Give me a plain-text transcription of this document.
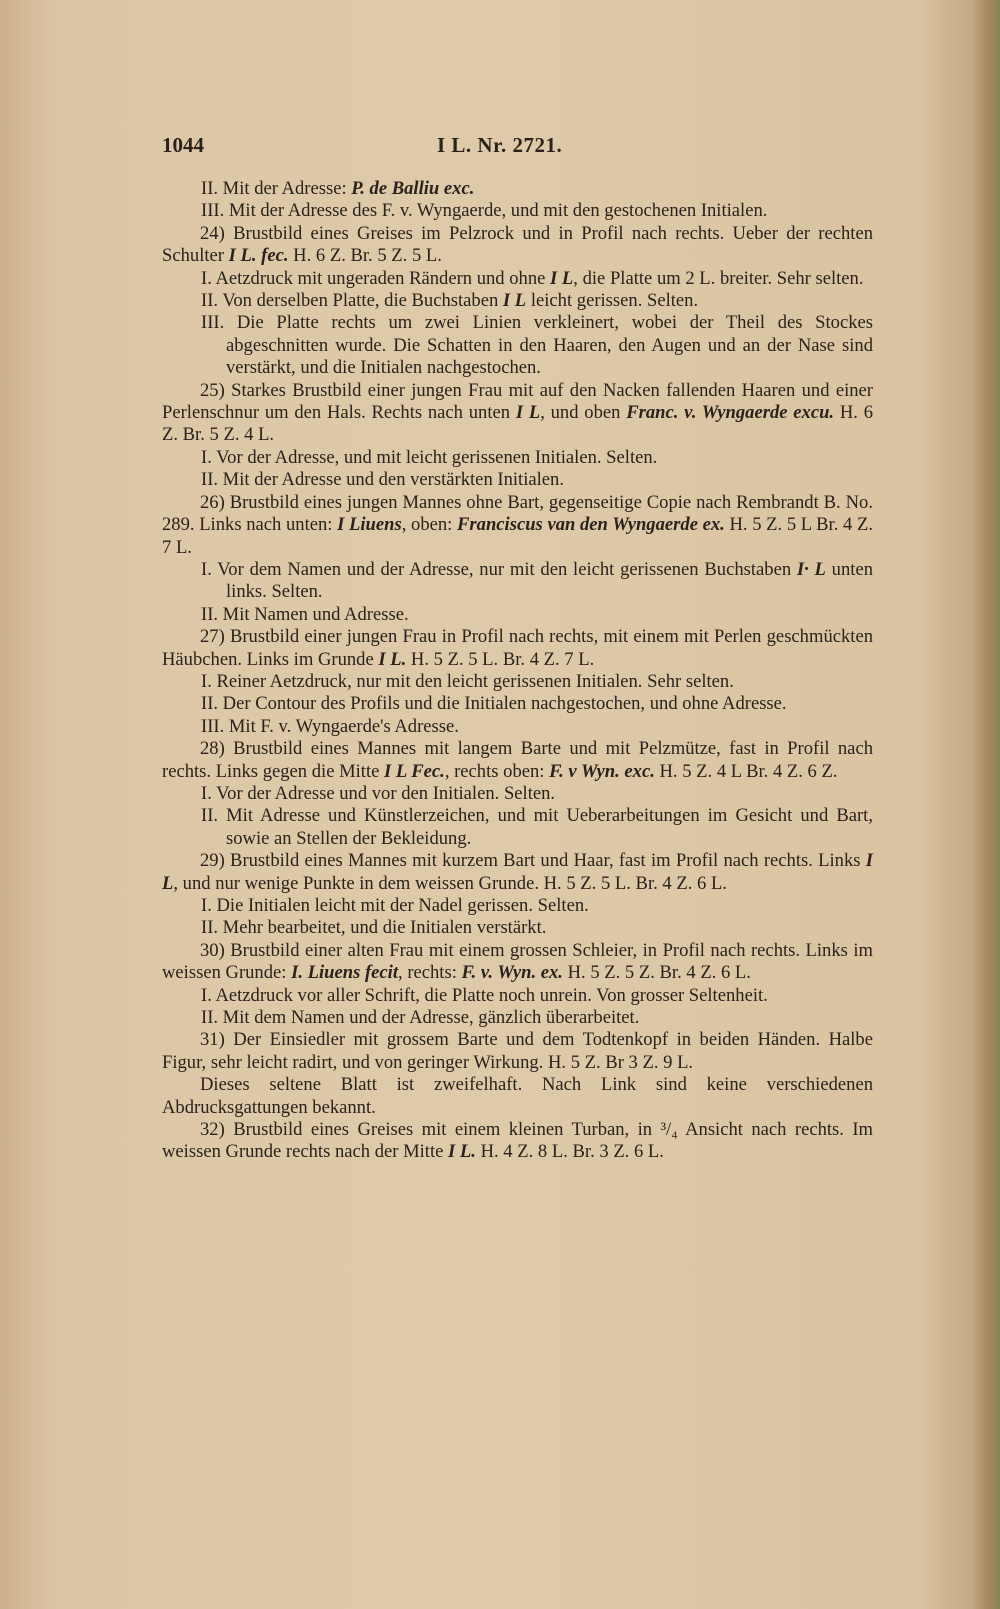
1044	I L. Nr. 2721.

II. Mit der Adresse: P. de Balliu exc.

III. Mit der Adresse des F. v. Wyngaerde, und mit den gestochenen Initialen.

24) Brustbild eines Greises im Pelzrock und in Profil nach rechts. Ueber der rechten Schulter I L. fec. H. 6 Z. Br. 5 Z. 5 L.

I. Aetzdruck mit ungeraden Rändern und ohne I L, die Platte um 2 L. breiter. Sehr selten.

II. Von derselben Platte, die Buchstaben I L leicht gerissen. Selten.

III. Die Platte rechts um zwei Linien verkleinert, wobei der Theil des Stockes abgeschnitten wurde. Die Schatten in den Haaren, den Augen und an der Nase sind verstärkt, und die Initialen nachgestochen.

25) Starkes Brustbild einer jungen Frau mit auf den Nacken fallenden Haaren und einer Perlenschnur um den Hals. Rechts nach unten I L, und oben Franc. v. Wyngaerde excu. H. 6 Z. Br. 5 Z. 4 L.

I. Vor der Adresse, und mit leicht gerissenen Initialen. Selten.

II. Mit der Adresse und den verstärkten Initialen.

26) Brustbild eines jungen Mannes ohne Bart, gegenseitige Copie nach Rembrandt B. No. 289. Links nach unten: I Liuens, oben: Franciscus van den Wyngaerde ex. H. 5 Z. 5 L Br. 4 Z. 7 L.

I. Vor dem Namen und der Adresse, nur mit den leicht gerissenen Buchstaben I· L unten links. Selten.

II. Mit Namen und Adresse.

27) Brustbild einer jungen Frau in Profil nach rechts, mit einem mit Perlen geschmückten Häubchen. Links im Grunde I L. H. 5 Z. 5 L. Br. 4 Z. 7 L.

I. Reiner Aetzdruck, nur mit den leicht gerissenen Initialen. Sehr selten.

II. Der Contour des Profils und die Initialen nachgestochen, und ohne Adresse.

III. Mit F. v. Wyngaerde's Adresse.

28) Brustbild eines Mannes mit langem Barte und mit Pelzmütze, fast in Profil nach rechts. Links gegen die Mitte I L Fec., rechts oben: F. v Wyn. exc. H. 5 Z. 4 L Br. 4 Z. 6 Z.

I. Vor der Adresse und vor den Initialen. Selten.

II. Mit Adresse und Künstlerzeichen, und mit Ueberarbeitungen im Gesicht und Bart, sowie an Stellen der Bekleidung.

29) Brustbild eines Mannes mit kurzem Bart und Haar, fast im Profil nach rechts. Links I L, und nur wenige Punkte in dem weissen Grunde. H. 5 Z. 5 L. Br. 4 Z. 6 L.

I. Die Initialen leicht mit der Nadel gerissen. Selten.

II. Mehr bearbeitet, und die Initialen verstärkt.

30) Brustbild einer alten Frau mit einem grossen Schleier, in Profil nach rechts. Links im weissen Grunde: I. Liuens fecit, rechts: F. v. Wyn. ex. H. 5 Z. 5 Z. Br. 4 Z. 6 L.

I. Aetzdruck vor aller Schrift, die Platte noch unrein. Von grosser Seltenheit.

II. Mit dem Namen und der Adresse, gänzlich überarbeitet.

31) Der Einsiedler mit grossem Barte und dem Todtenkopf in beiden Händen. Halbe Figur, sehr leicht radirt, und von geringer Wirkung. H. 5 Z. Br 3 Z. 9 L.

Dieses seltene Blatt ist zweifelhaft. Nach Link sind keine verschiedenen Abdrucksgattungen bekannt.

32) Brustbild eines Greises mit einem kleinen Turban, in ³/₄ Ansicht nach rechts. Im weissen Grunde rechts nach der Mitte I L. H. 4 Z. 8 L. Br. 3 Z. 6 L.
